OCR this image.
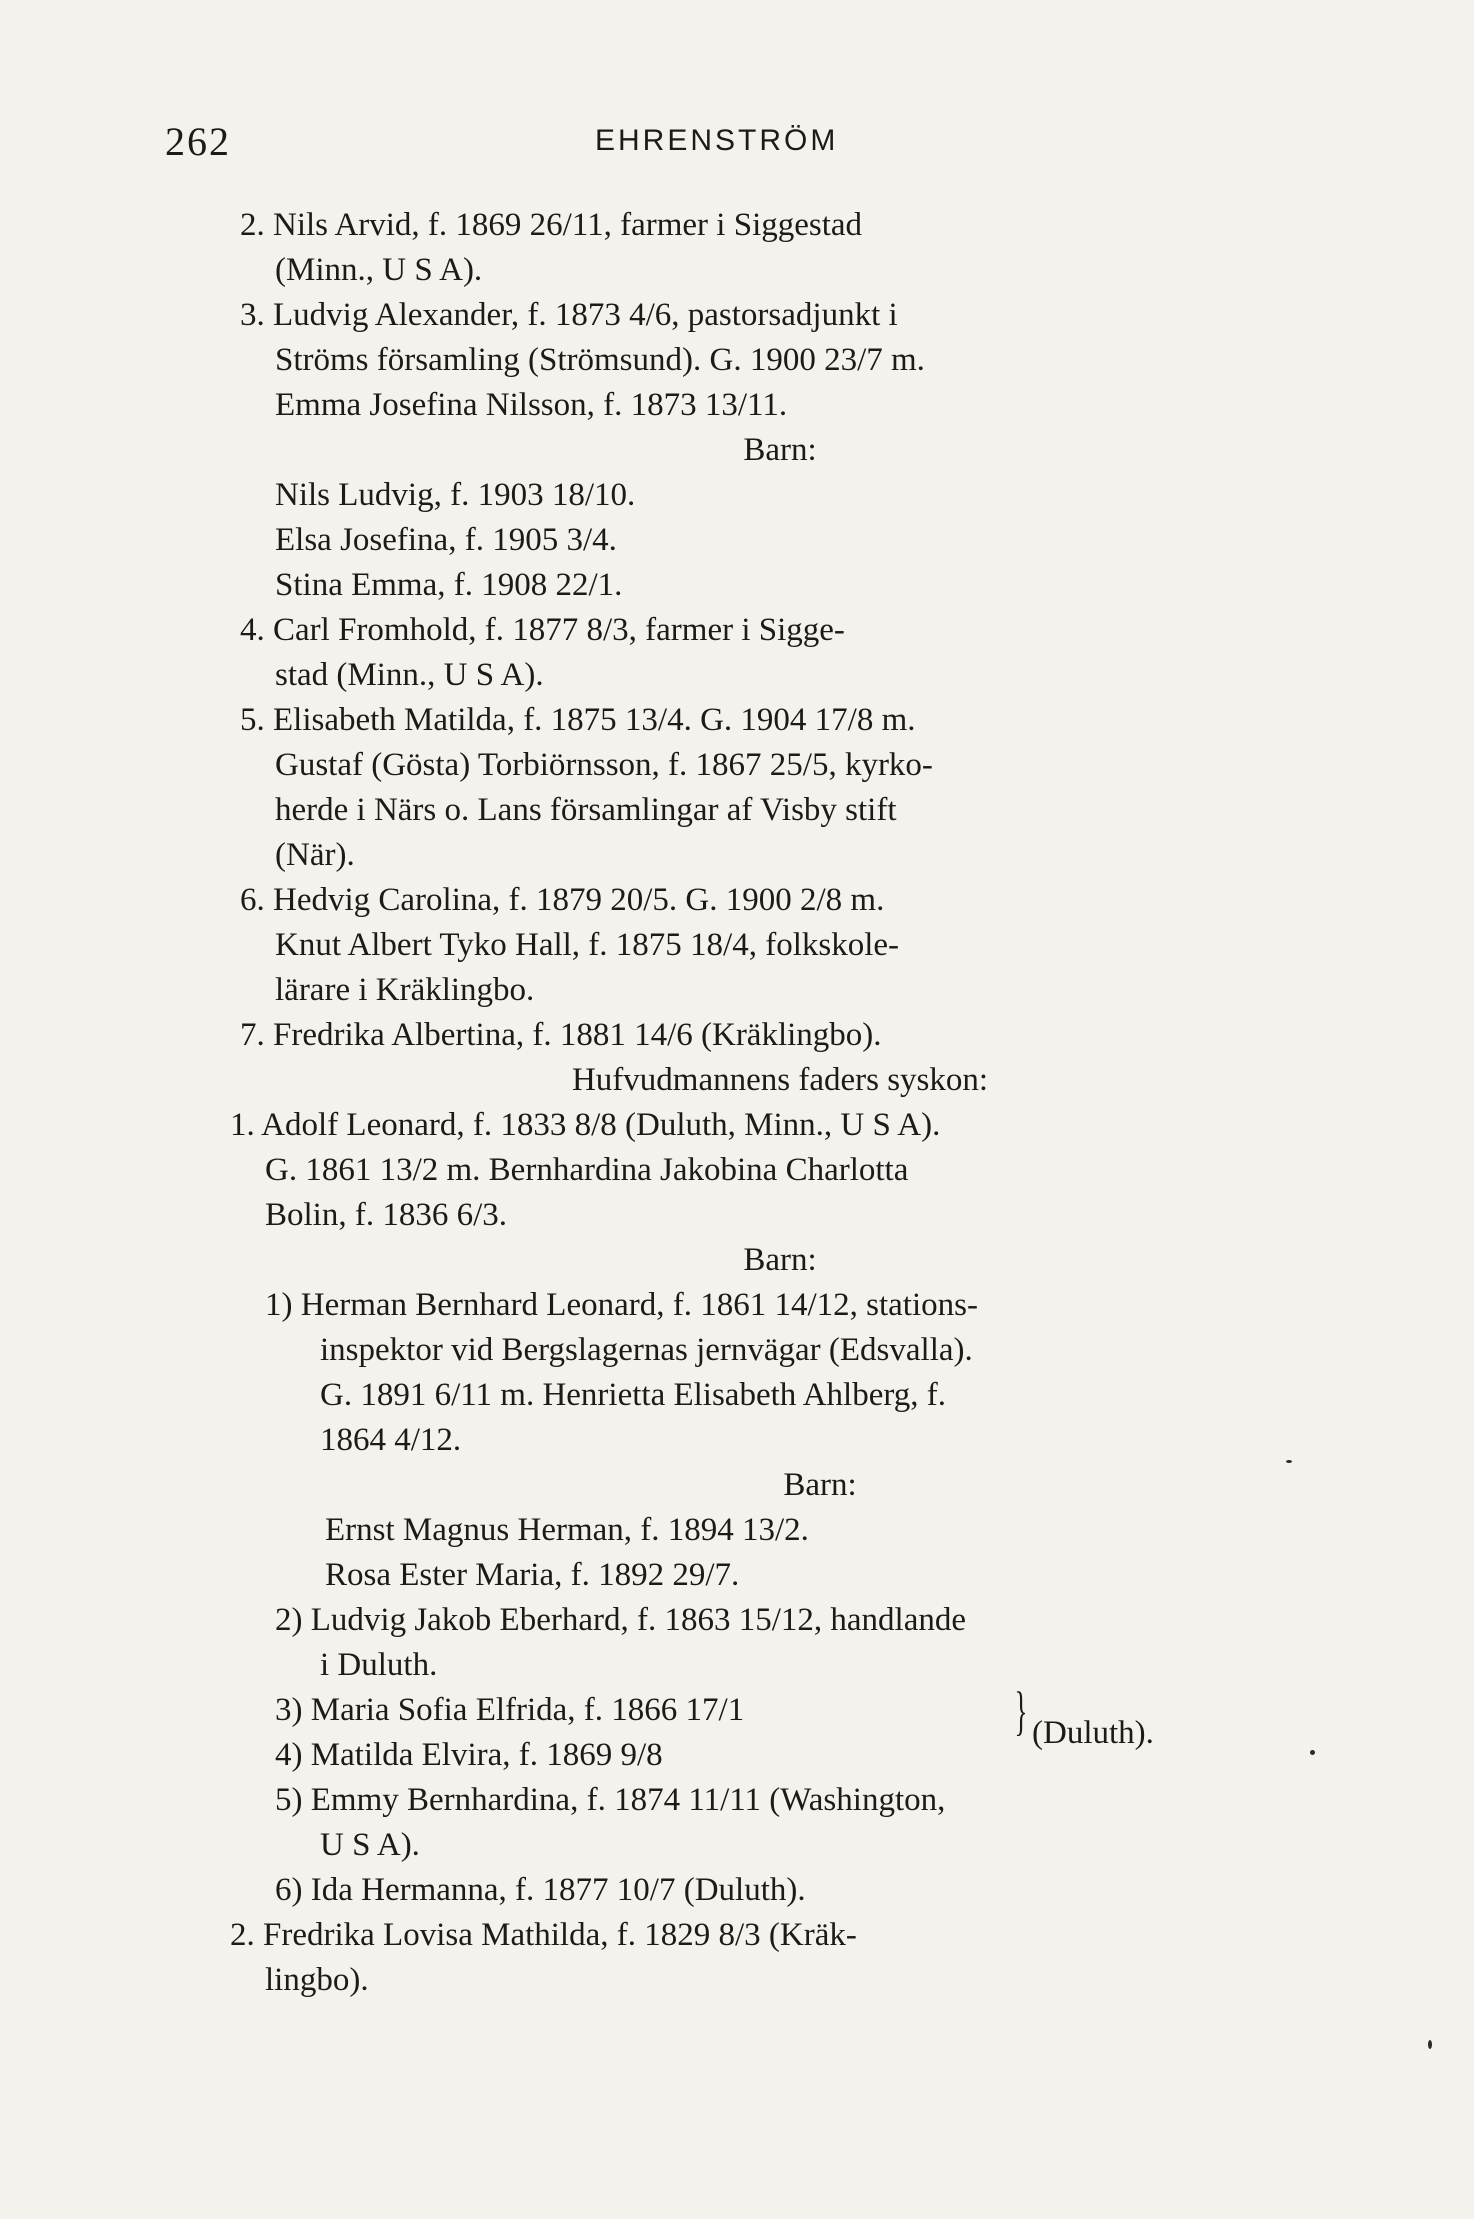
262	EHRENSTRÖM
2. Nils Arvid, f. 1869 26/11, farmer i Siggestad
(Minn., U S A).
3. Ludvig Alexander, f. 1873 4/6, pastorsadjunkt i
Ströms församling (Strömsund). G. 1900 23/7 m.
Emma Josefina Nilsson, f. 1873 13/11.
Barn:
Nils Ludvig, f. 1903 18/10.
Elsa Josefina, f. 1905 3/4.
Stina Emma, f. 1908 22/1.
4. Carl Fromhold, f. 1877 8/3, farmer i Sigge-
stad (Minn., U S A).
5. Elisabeth Matilda, f. 1875 13/4. G. 1904 17/8 m.
Gustaf (Gösta) Torbiörnsson, f. 1867 25/5, kyrko-
herde i Närs o. Lans församlingar af Visby stift
(När).
6. Hedvig Carolina, f. 1879 20/5. G. 1900 2/8 m.
Knut Albert Tyko Hall, f. 1875 18/4, folkskole-
lärare i Kräklingbo.
7. Fredrika Albertina, f. 1881 14/6 (Kräklingbo).
Hufvudmannens faders syskon:
1. Adolf Leonard, f. 1833 8/8 (Duluth, Minn., U S A).
G. 1861 13/2 m. Bernhardina Jakobina Charlotta
Bolin, f. 1836 6/3.
Barn:
1) Herman Bernhard Leonard, f. 1861 14/12, stations-
inspektor vid Bergslagernas jernvägar (Edsvalla).
G. 1891 6/11 m. Henrietta Elisabeth Ahlberg, f.
1864 4/12.
Barn:
Ernst Magnus Herman, f. 1894 13/2.
Rosa Ester Maria, f. 1892 29/7.
2) Ludvig Jakob Eberhard, f. 1863 15/12, handlande
i Duluth.
3) Maria Sofia Elfrida, f. 1866 17/1
4) Matilda Elvira, f. 1869 9/8
} (Duluth).
5) Emmy Bernhardina, f. 1874 11/11 (Washington,
U S A).
6) Ida Hermanna, f. 1877 10/7 (Duluth).
2. Fredrika Lovisa Mathilda, f. 1829 8/3 (Kräk-
lingbo).
